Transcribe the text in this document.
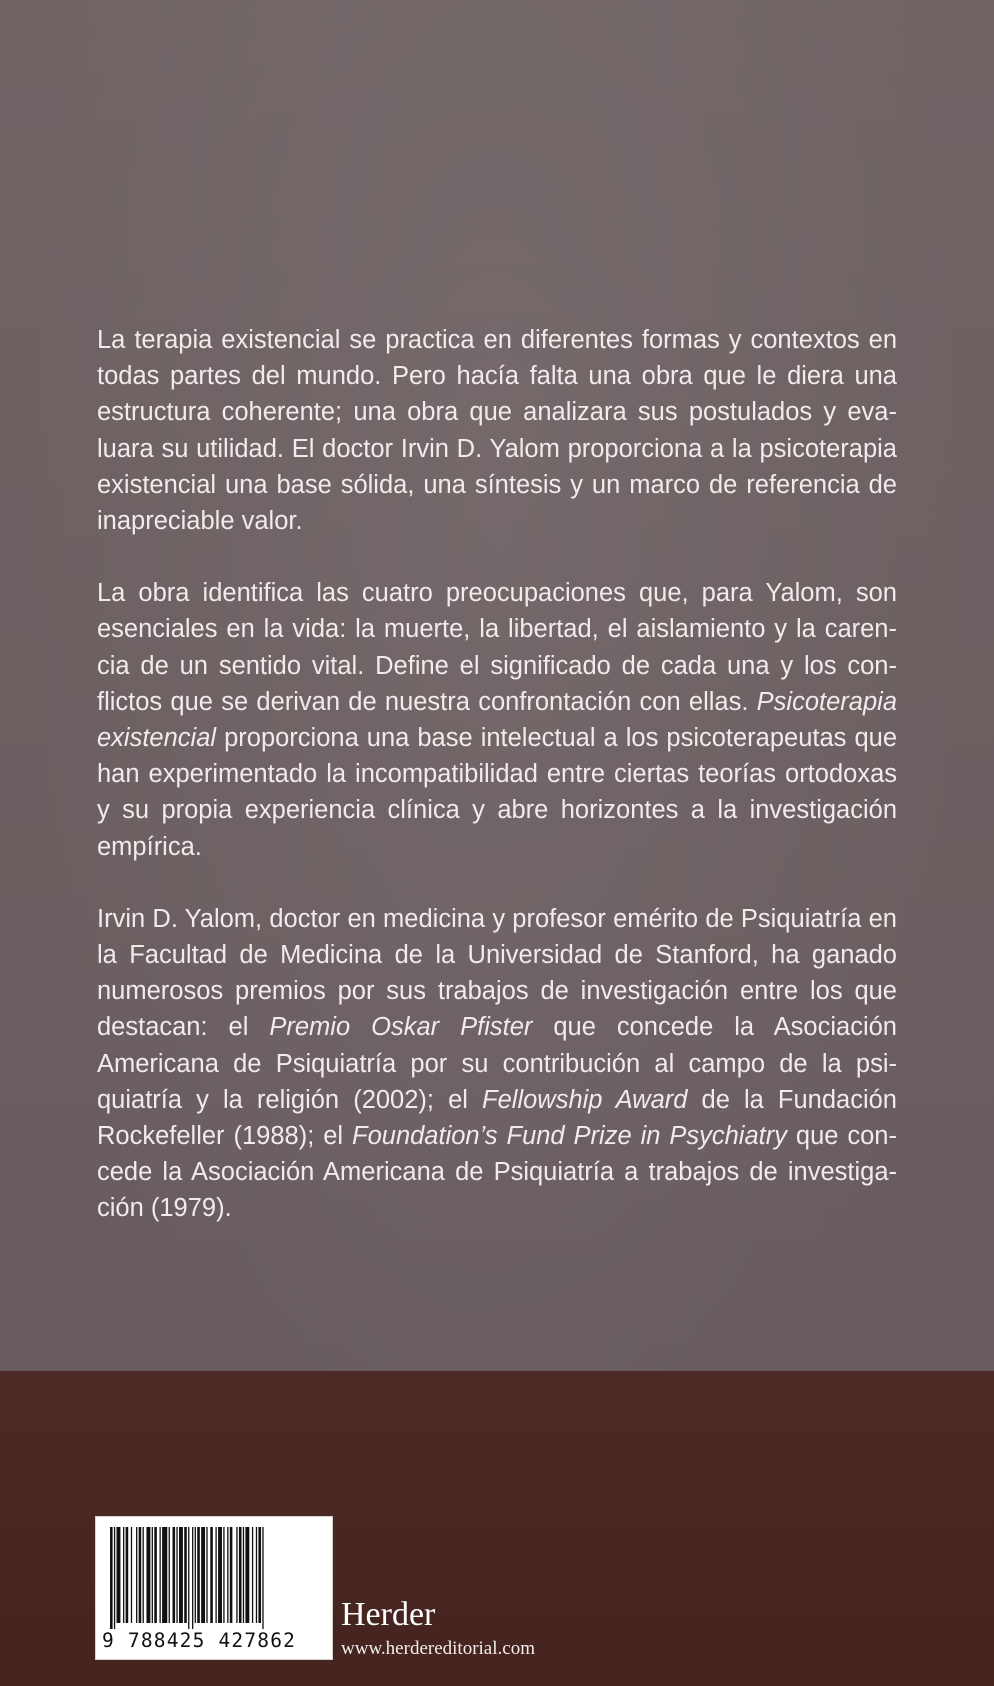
La terapia existencial se practica en diferentes formas y contextos en todas partes del mundo. Pero hacía falta una obra que le diera una estructura coherente; una obra que analizara sus postulados y evaluara su utilidad. El doctor Irvin D. Yalom proporciona a la psicoterapia existencial una base sólida, una síntesis y un marco de referencia de inapreciable valor.

La obra identifica las cuatro preocupaciones que, para Yalom, son esenciales en la vida: la muerte, la libertad, el aislamiento y la carencia de un sentido vital. Define el significado de cada una y los conflictos que se derivan de nuestra confrontación con ellas. Psicoterapia existencial proporciona una base intelectual a los psicoterapeutas que han experimentado la incompatibilidad entre ciertas teorías ortodoxas y su propia experiencia clínica y abre horizontes a la investigación empírica.

Irvin D. Yalom, doctor en medicina y profesor emérito de Psiquiatría en la Facultad de Medicina de la Universidad de Stanford, ha ganado numerosos premios por sus trabajos de investigación entre los que destacan: el Premio Oskar Pfister que concede la Asociación Americana de Psiquiatría por su contribución al campo de la psiquiatría y la religión (2002); el Fellowship Award de la Fundación Rockefeller (1988); el Foundation’s Fund Prize in Psychiatry que concede la Asociación Americana de Psiquiatría a trabajos de investigación (1979).

9 788425 427862
Herder
www.herdereditorial.com
